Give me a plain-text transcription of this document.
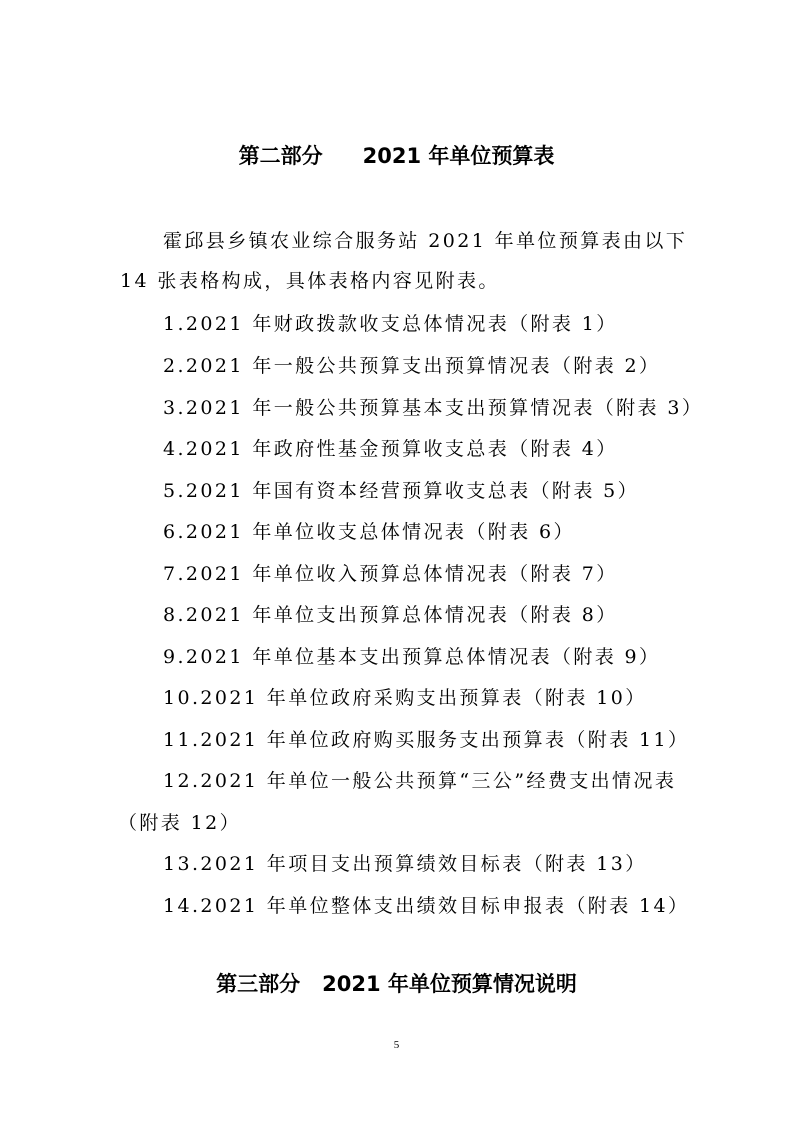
第二部分 2021 年单位预算表
霍邱县乡镇农业综合服务站 2021 年单位预算表由以下
14 张表格构成，具体表格内容见附表。
1.2021 年财政拨款收支总体情况表（附表 1）
2.2021 年一般公共预算支出预算情况表（附表 2）
3.2021 年一般公共预算基本支出预算情况表（附表 3）
4.2021 年政府性基金预算收支总表（附表 4）
5.2021 年国有资本经营预算收支总表（附表 5）
6.2021 年单位收支总体情况表（附表 6）
7.2021 年单位收入预算总体情况表（附表 7）
8.2021 年单位支出预算总体情况表（附表 8）
9.2021 年单位基本支出预算总体情况表（附表 9）
10.2021 年单位政府采购支出预算表（附表 10）
11.2021 年单位政府购买服务支出预算表（附表 11）
12.2021 年单位一般公共预算“三公”经费支出情况表
（附表 12）
13.2021 年项目支出预算绩效目标表（附表 13）
14.2021 年单位整体支出绩效目标申报表（附表 14）
第三部分 2021 年单位预算情况说明
5
